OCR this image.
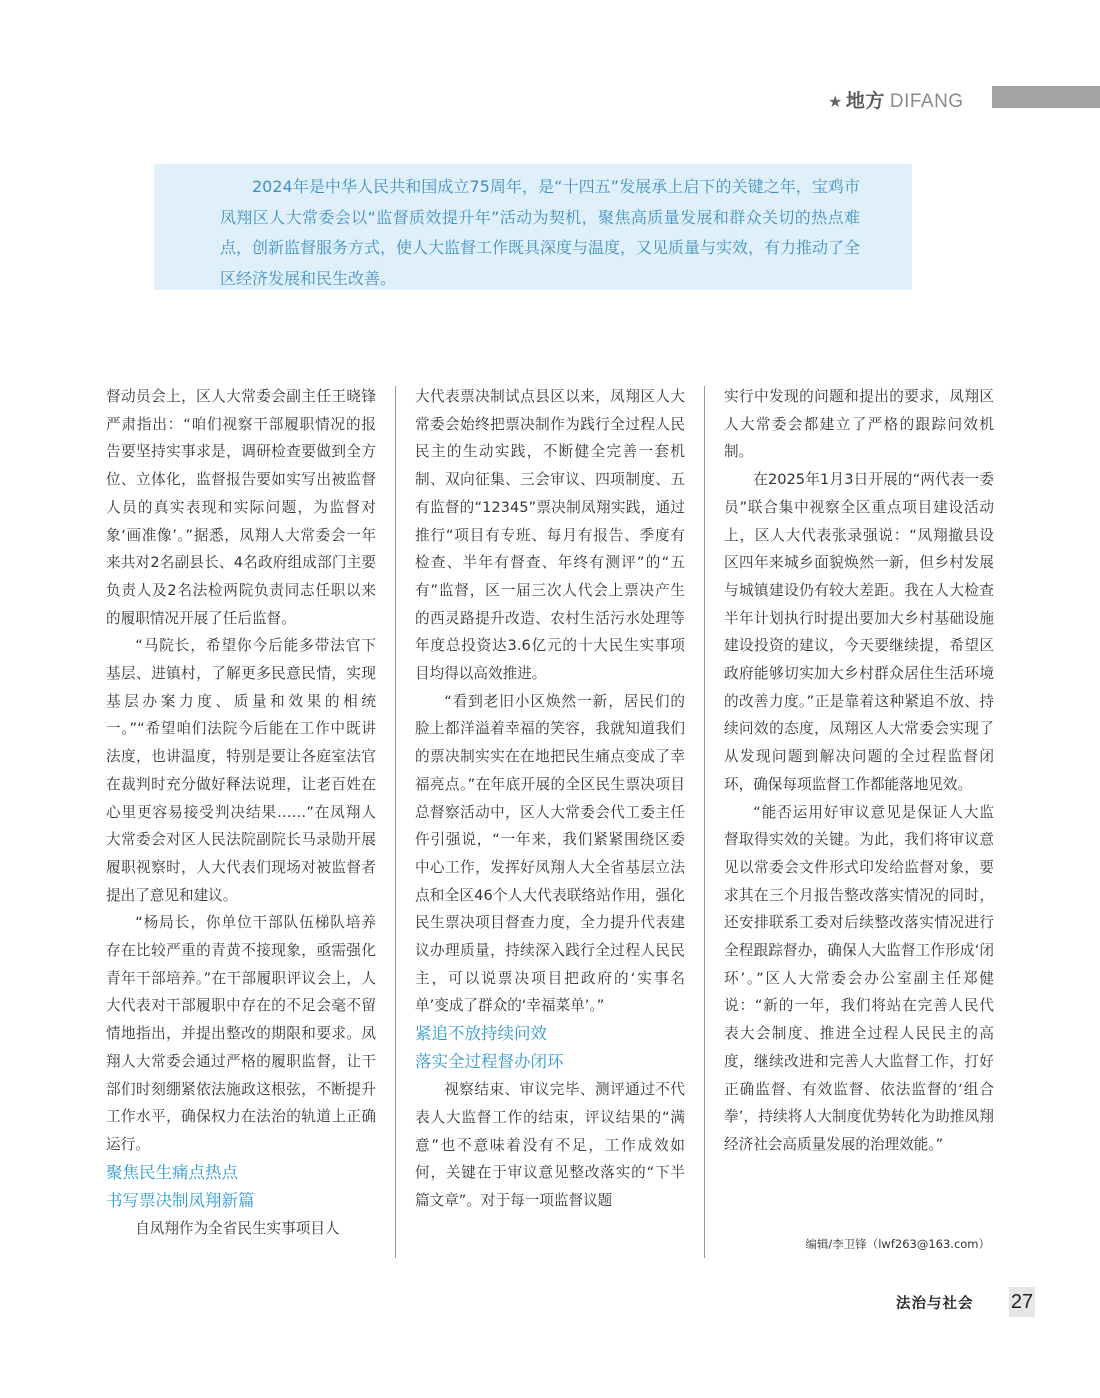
★ 地方 DIFANG

2024年是中华人民共和国成立75周年，是“十四五”发展承上启下的关键之年，宝鸡市凤翔区人大常委会以“监督质效提升年”活动为契机，聚焦高质量发展和群众关切的热点难点，创新监督服务方式，使人大监督工作既具深度与温度，又见质量与实效，有力推动了全区经济发展和民生改善。

督动员会上，区人大常委会副主任王晓锋严肃指出：“咱们视察干部履职情况的报告要坚持实事求是，调研检查要做到全方位、立体化，监督报告要如实写出被监督人员的真实表现和实际问题，为监督对象‘画准像’。”据悉，凤翔人大常委会一年来共对2名副县长、4名政府组成部门主要负责人及2名法检两院负责同志任职以来的履职情况开展了任后监督。

“马院长，希望你今后能多带法官下基层、进镇村，了解更多民意民情，实现基层办案力度、质量和效果的相统一。”“希望咱们法院今后能在工作中既讲法度，也讲温度，特别是要让各庭室法官在裁判时充分做好释法说理，让老百姓在心里更容易接受判决结果……”在凤翔人大常委会对区人民法院副院长马录勋开展履职视察时，人大代表们现场对被监督者提出了意见和建议。

“杨局长，你单位干部队伍梯队培养存在比较严重的青黄不接现象，亟需强化青年干部培养。”在干部履职评议会上，人大代表对干部履职中存在的不足会毫不留情地指出，并提出整改的期限和要求。凤翔人大常委会通过严格的履职监督，让干部们时刻绷紧依法施政这根弦，不断提升工作水平，确保权力在法治的轨道上正确运行。

聚焦民生痛点热点

书写票决制凤翔新篇

自凤翔作为全省民生实事项目人

大代表票决制试点县区以来，凤翔区人大常委会始终把票决制作为践行全过程人民民主的生动实践，不断健全完善一套机制、双向征集、三会审议、四项制度、五有监督的“12345”票决制凤翔实践，通过推行“项目有专班、每月有报告、季度有检查、半年有督查、年终有测评”的“五有”监督，区一届三次人代会上票决产生的西灵路提升改造、农村生活污水处理等年度总投资达3.6亿元的十大民生实事项目均得以高效推进。

“看到老旧小区焕然一新，居民们的脸上都洋溢着幸福的笑容，我就知道我们的票决制实实在在地把民生痛点变成了幸福亮点。”在年底开展的全区民生票决项目总督察活动中，区人大常委会代工委主任仵引强说，“一年来，我们紧紧围绕区委中心工作，发挥好凤翔人大全省基层立法点和全区46个人大代表联络站作用，强化民生票决项目督查力度，全力提升代表建议办理质量，持续深入践行全过程人民民主，可以说票决项目把政府的‘实事名单’变成了群众的‘幸福菜单’。”

紧追不放持续问效

落实全过程督办闭环

视察结束、审议完毕、测评通过不代表人大监督工作的结束，评议结果的“满意”也不意味着没有不足，工作成效如何，关键在于审议意见整改落实的“下半篇文章”。对于每一项监督议题

实行中发现的问题和提出的要求，凤翔区人大常委会都建立了严格的跟踪问效机制。

在2025年1月3日开展的“两代表一委员”联合集中视察全区重点项目建设活动上，区人大代表张录强说：“凤翔撤县设区四年来城乡面貌焕然一新，但乡村发展与城镇建设仍有较大差距。我在人大检查半年计划执行时提出要加大乡村基础设施建设投资的建议，今天要继续提，希望区政府能够切实加大乡村群众居住生活环境的改善力度。”正是靠着这种紧追不放、持续问效的态度，凤翔区人大常委会实现了从发现问题到解决问题的全过程监督闭环，确保每项监督工作都能落地见效。

“能否运用好审议意见是保证人大监督取得实效的关键。为此，我们将审议意见以常委会文件形式印发给监督对象，要求其在三个月报告整改落实情况的同时，还安排联系工委对后续整改落实情况进行全程跟踪督办，确保人大监督工作形成‘闭环’。”区人大常委会办公室副主任郑健说：“新的一年，我们将站在完善人民代表大会制度、推进全过程人民民主的高度，继续改进和完善人大监督工作，打好正确监督、有效监督、依法监督的‘组合拳’，持续将人大制度优势转化为助推凤翔经济社会高质量发展的治理效能。”

编辑/李卫锋（lwf263@163.com）
法治与社会 27
